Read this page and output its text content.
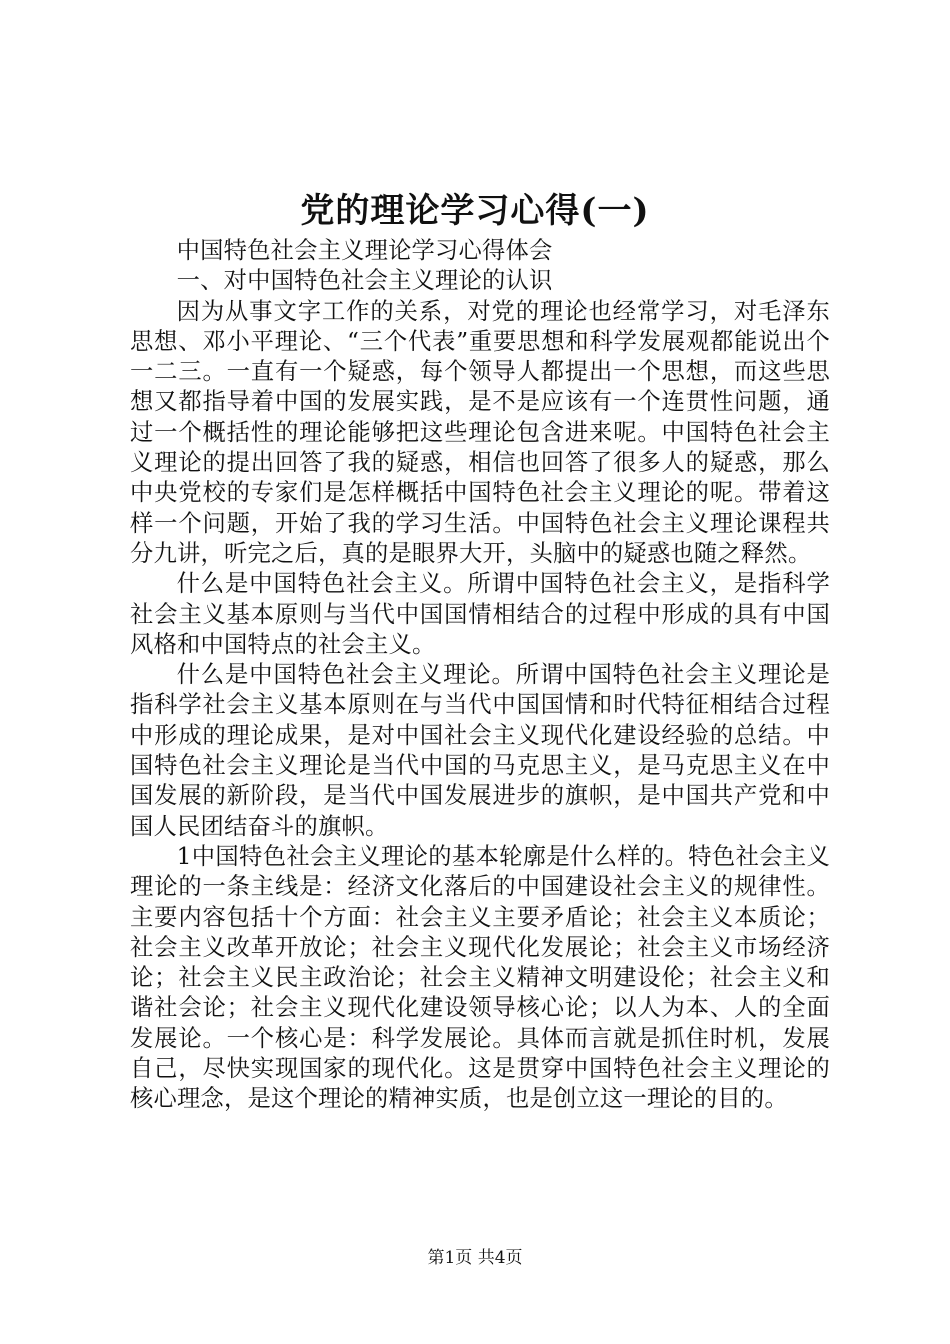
党的理论学习心得(一)

中国特色社会主义理论学习心得体会

一、对中国特色社会主义理论的认识

因为从事文字工作的关系，对党的理论也经常学习，对毛泽东思想、邓小平理论、“三个代表”重要思想和科学发展观都能说出个一二三。一直有一个疑惑，每个领导人都提出一个思想，而这些思想又都指导着中国的发展实践，是不是应该有一个连贯性问题，通过一个概括性的理论能够把这些理论包含进来呢。中国特色社会主义理论的提出回答了我的疑惑，相信也回答了很多人的疑惑，那么中央党校的专家们是怎样概括中国特色社会主义理论的呢。带着这样一个问题，开始了我的学习生活。中国特色社会主义理论课程共分九讲，听完之后，真的是眼界大开，头脑中的疑惑也随之释然。

什么是中国特色社会主义。所谓中国特色社会主义，是指科学社会主义基本原则与当代中国国情相结合的过程中形成的具有中国风格和中国特点的社会主义。

什么是中国特色社会主义理论。所谓中国特色社会主义理论是指科学社会主义基本原则在与当代中国国情和时代特征相结合过程中形成的理论成果，是对中国社会主义现代化建设经验的总结。中国特色社会主义理论是当代中国的马克思主义，是马克思主义在中国发展的新阶段，是当代中国发展进步的旗帜，是中国共产党和中国人民团结奋斗的旗帜。

1中国特色社会主义理论的基本轮廓是什么样的。特色社会主义理论的一条主线是：经济文化落后的中国建设社会主义的规律性。主要内容包括十个方面：社会主义主要矛盾论；社会主义本质论；社会主义改革开放论；社会主义现代化发展论；社会主义市场经济论；社会主义民主政治论；社会主义精神文明建设伦；社会主义和谐社会论；社会主义现代化建设领导核心论；以人为本、人的全面发展论。一个核心是：科学发展论。具体而言就是抓住时机，发展自己，尽快实现国家的现代化。这是贯穿中国特色社会主义理论的核心理念，是这个理论的精神实质，也是创立这一理论的目的。

第1页 共4页
